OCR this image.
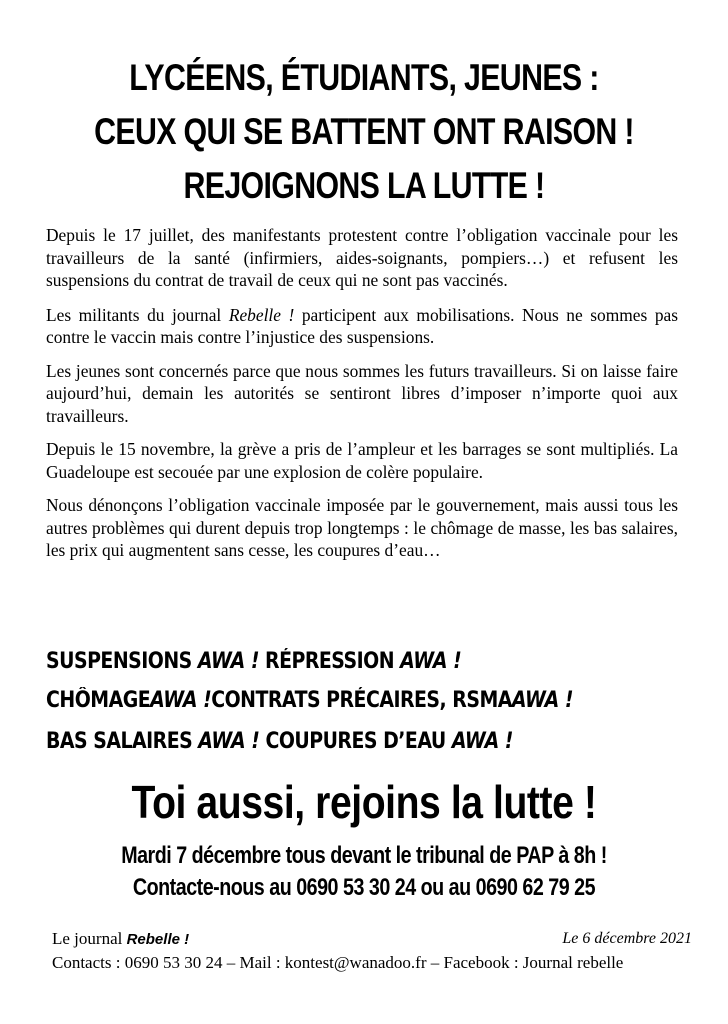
LYCÉENS, ÉTUDIANTS, JEUNES :
CEUX QUI SE BATTENT ONT RAISON !
REJOIGNONS LA LUTTE !

Depuis le 17 juillet, des manifestants protestent contre l’obligation vaccinale pour les travailleurs de la santé (infirmiers, aides-soignants, pompiers…) et refusent les suspensions du contrat de travail de ceux qui ne sont pas vaccinés.

Les militants du journal Rebelle ! participent aux mobilisations. Nous ne sommes pas contre le vaccin mais contre l’injustice des suspensions.

Les jeunes sont concernés parce que nous sommes les futurs travailleurs. Si on laisse faire aujourd’hui, demain les autorités se sentiront libres d’imposer n’importe quoi aux travailleurs.

Depuis le 15 novembre, la grève a pris de l’ampleur et les barrages se sont multipliés. La Guadeloupe est secouée par une explosion de colère populaire.

Nous dénonçons l’obligation vaccinale imposée par le gouvernement, mais aussi tous les autres problèmes qui durent depuis trop longtemps : le chômage de masse, les bas salaires, les prix qui augmentent sans cesse, les coupures d’eau…

SUSPENSIONS AWA ! RÉPRESSION AWA !
CHÔMAGEAWA !CONTRATS PRÉCAIRES, RSMAAWA !
BAS SALAIRES AWA ! COUPURES D’EAU AWA !
Toi aussi, rejoins la lutte !
Mardi 7 décembre tous devant le tribunal de PAP à 8h !
Contacte-nous au 0690 53 30 24 ou au 0690 62 79 25
Le journal Rebelle !	Le 6 décembre 2021
Contacts : 0690 53 30 24 – Mail : kontest@wanadoo.fr – Facebook : Journal rebelle
